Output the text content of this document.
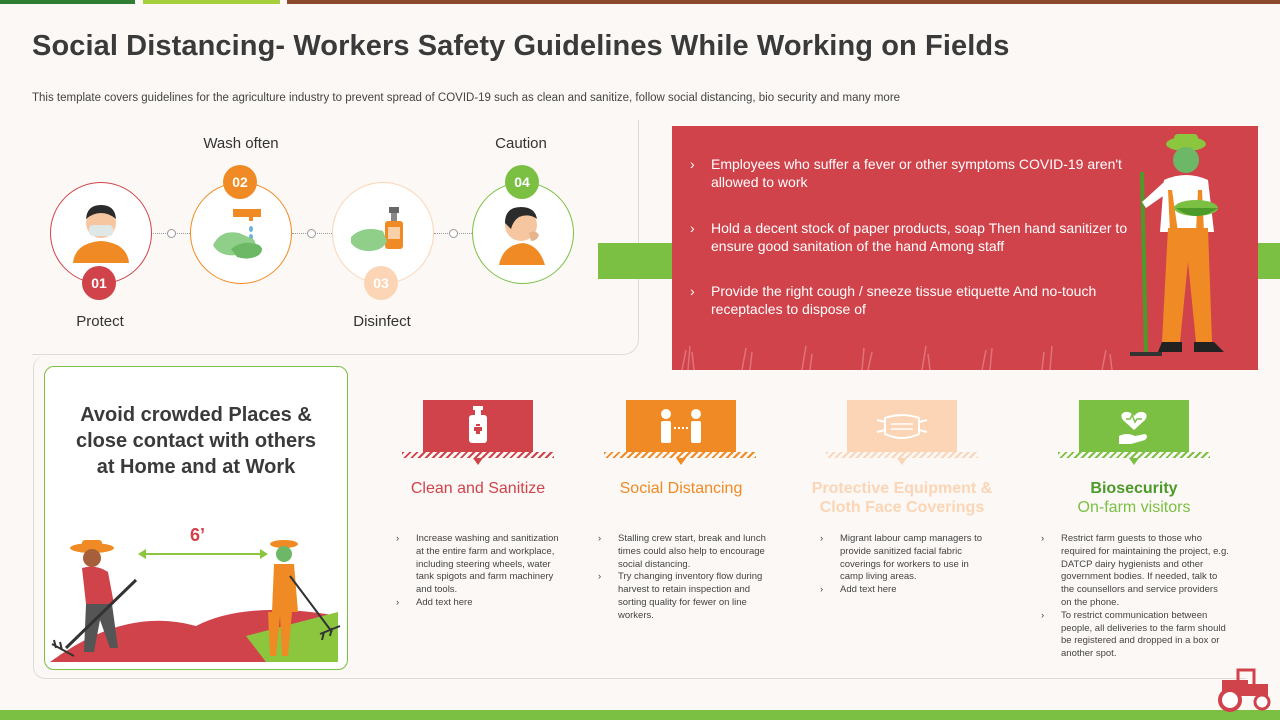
Social Distancing- Workers Safety Guidelines While Working on Fields
This template covers guidelines for the agriculture industry to prevent spread of COVID-19 such as clean and sanitize, follow social distancing, bio security and many more
01
Protect
Wash often
02
03
Disinfect
Caution
04
› Employees who suffer a fever or other symptoms COVID-19 aren't allowed to work
› Hold a decent stock of paper products, soap Then hand sanitizer to ensure good sanitation of the hand Among staff
› Provide the right cough / sneeze tissue etiquette And no-touch receptacles to dispose of
Avoid crowded Places & close contact with others at Home and at Work
6’
Clean and Sanitize
› Increase washing and sanitization at the entire farm and workplace, including steering wheels, water tank spigots and farm machinery and tools.
› Add text here
Social Distancing
› Stalling crew start, break and lunch times could also help to encourage social distancing.
› Try changing inventory flow during harvest to retain inspection and sorting quality for fewer on line workers.
Protective Equipment & Cloth Face Coverings
› Migrant labour camp managers to provide sanitized facial fabric coverings for workers to use in camp living areas.
› Add text here
Biosecurity
On-farm visitors
› Restrict farm guests to those who required for maintaining the project, e.g. DATCP dairy hygienists and other government bodies. If needed, talk to the counsellors and service providers on the phone.
› To restrict communication between people, all deliveries to the farm should be registered and dropped in a box or another spot.
